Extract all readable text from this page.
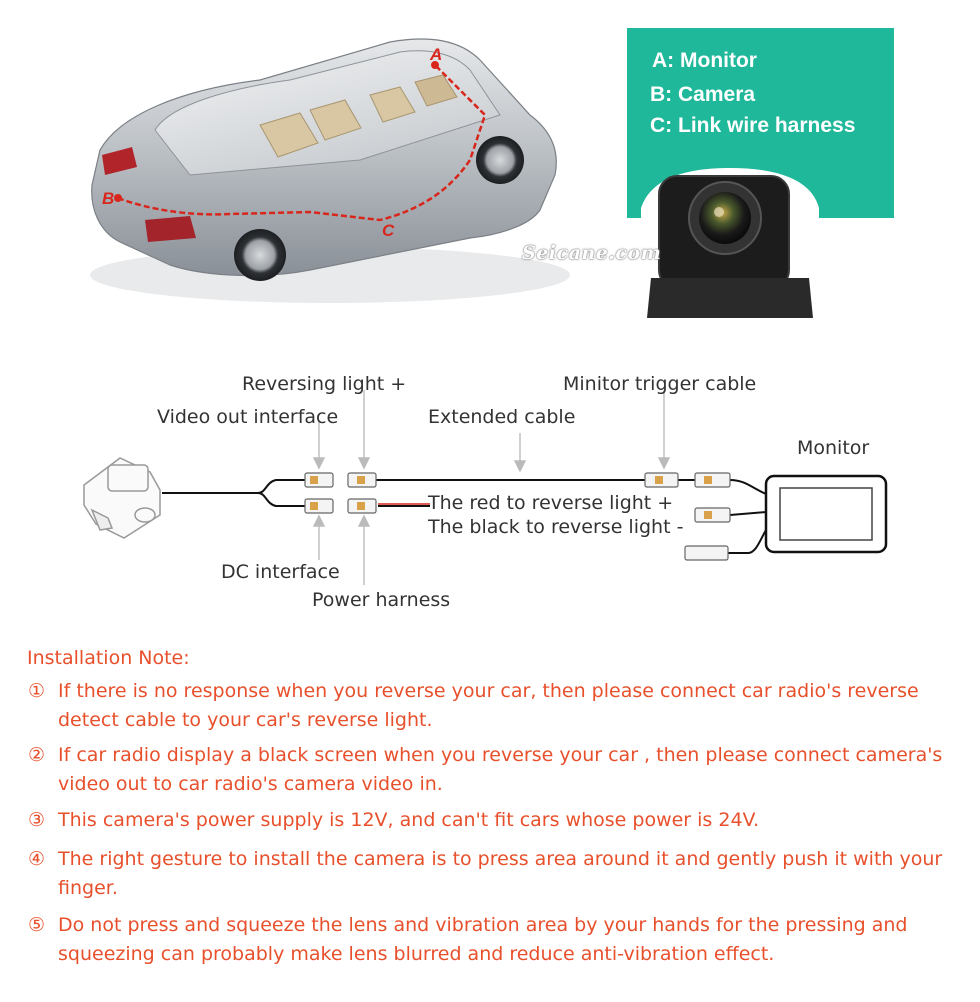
A
B
C
A: Monitor
B: Camera
C: Link wire harness
Seicane.com
Reversing light +
Video out interface	Extended cable
Minitor trigger cable
Monitor
The red to reverse light +
The black to reverse light -
DC interface
Power harness
Installation Note:
① If there is no response when you reverse your car, then please connect car radio's reverse detect cable to your car's reverse light.
② If car radio display a black screen when you reverse your car , then please connect camera's video out to car radio's camera video in.
③ This camera's power supply is 12V, and can't fit cars whose power is 24V.
④ The right gesture to install the camera is to press area around it and gently push it with your finger.
⑤ Do not press and squeeze the lens and vibration area by your hands for the pressing and squeezing can probably make lens blurred and reduce anti-vibration effect.
